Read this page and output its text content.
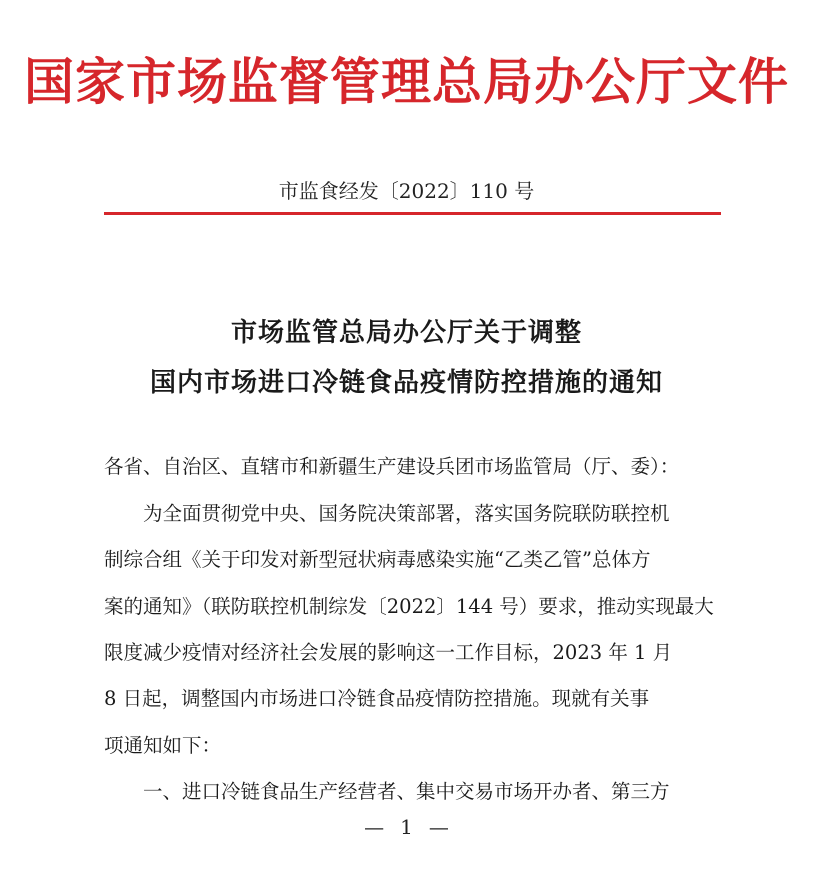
国家市场监督管理总局办公厅文件
市监食经发〔2022〕110 号
市场监管总局办公厅关于调整
国内市场进口冷链食品疫情防控措施的通知
各省、自治区、直辖市和新疆生产建设兵团市场监管局（厅、委）：
　　为全面贯彻党中央、国务院决策部署，落实国务院联防联控机
制综合组《关于印发对新型冠状病毒感染实施“乙类乙管”总体方
案的通知》（联防联控机制综发〔2022〕144 号）要求，推动实现最大
限度减少疫情对经济社会发展的影响这一工作目标，2023 年 1 月
8 日起，调整国内市场进口冷链食品疫情防控措施。现就有关事
项通知如下：
　　一、进口冷链食品生产经营者、集中交易市场开办者、第三方
— 1 —
